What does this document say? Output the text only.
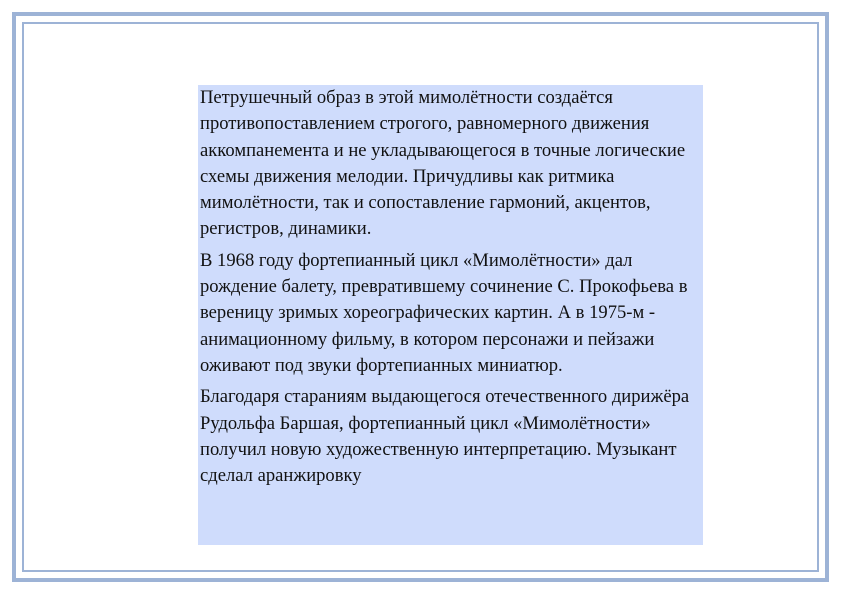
Петрушечный образ в этой мимолётности создаётся противопоставлением строгого, равномерного движения аккомпанемента и не укладывающегося в точные логические схемы движения мелодии. Причудливы как ритмика мимолётности, так и сопоставление гармоний, акцентов, регистров, динамики.

В 1968 году фортепианный цикл «Мимолётности» дал рождение балету, превратившему сочинение С. Прокофьева в вереницу зримых хореографических картин. А в 1975-м - анимационному фильму, в котором персонажи и пейзажи оживают под звуки фортепианных миниатюр.

Благодаря стараниям выдающегося отечественного дирижёра Рудольфа Баршая, фортепианный цикл «Мимолётности» получил новую художественную интерпретацию. Музыкант сделал аранжировку
